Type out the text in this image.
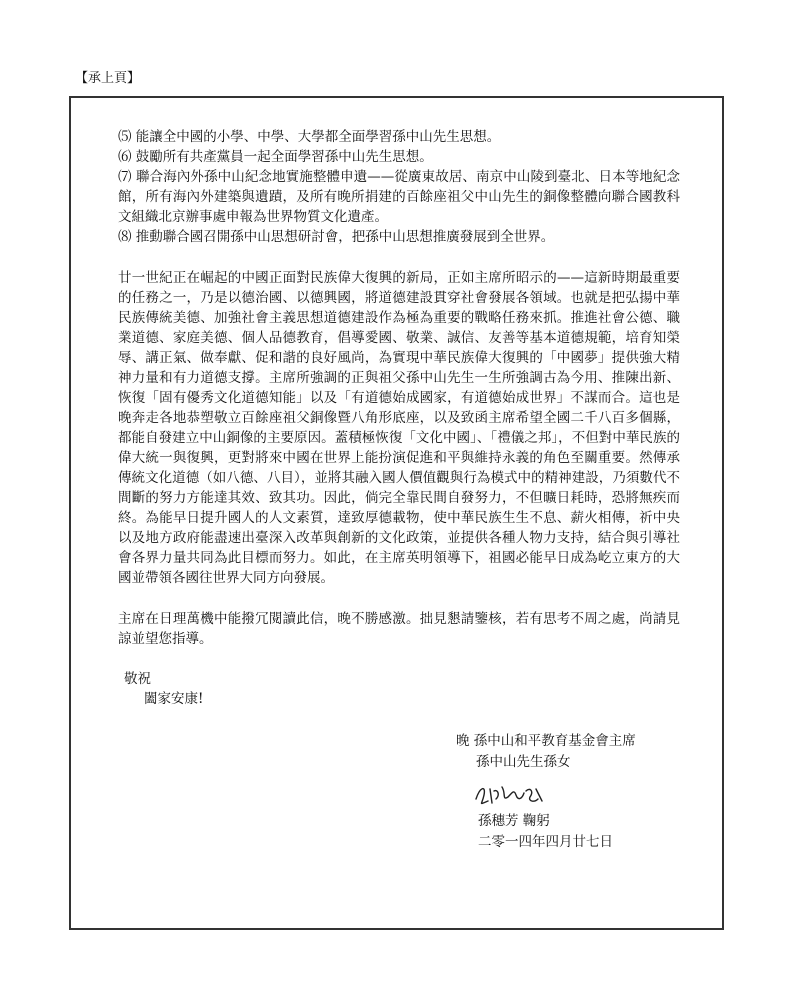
【承上頁】
⑸ 能讓全中國的小學、中學、大學都全面學習孫中山先生思想。
⑹ 鼓勵所有共產黨員一起全面學習孫中山先生思想。
⑺ 聯合海內外孫中山紀念地實施整體申遺——從廣東故居、南京中山陵到臺北、日本等地紀念館，所有海內外建築與遺蹟，及所有晚所捐建的百餘座祖父中山先生的銅像整體向聯合國教科文組織北京辦事處申報為世界物質文化遺產。
⑻ 推動聯合國召開孫中山思想研討會，把孫中山思想推廣發展到全世界。

廿一世紀正在崛起的中國正面對民族偉大復興的新局，正如主席所昭示的——這新時期最重要的任務之一，乃是以德治國、以德興國，將道德建設貫穿社會發展各領域。也就是把弘揚中華民族傳統美德、加強社會主義思想道德建設作為極為重要的戰略任務來抓。推進社會公德、職業道德、家庭美德、個人品德教育，倡導愛國、敬業、誠信、友善等基本道德規範，培育知榮辱、講正氣、做奉獻、促和諧的良好風尚，為實現中華民族偉大復興的「中國夢」提供強大精神力量和有力道德支撐。主席所強調的正與祖父孫中山先生一生所強調古為今用、推陳出新、恢復「固有優秀文化道德知能」以及「有道德始成國家，有道德始成世界」不謀而合。這也是晚奔走各地恭塑敬立百餘座祖父銅像暨八角形底座，以及致函主席希望全國二千八百多個縣，都能自發建立中山銅像的主要原因。蓋積極恢復「文化中國」、「禮儀之邦」，不但對中華民族的偉大統一與復興，更對將來中國在世界上能扮演促進和平與維持永義的角色至關重要。然傳承傳統文化道德（如八德、八目），並將其融入國人價值觀與行為模式中的精神建設，乃須數代不間斷的努力方能達其效、致其功。因此，倘完全靠民間自發努力，不但曠日耗時，恐將無疾而終。為能早日提升國人的人文素質，達致厚德載物，使中華民族生生不息、薪火相傳，祈中央以及地方政府能盡速出臺深入改革與創新的文化政策，並提供各種人物力支持，結合與引導社會各界力量共同為此目標而努力。如此，在主席英明領導下，祖國必能早日成為屹立東方的大國並帶領各國往世界大同方向發展。

主席在日理萬機中能撥冗閱讀此信，晚不勝感激。拙見懇請鑒核，若有思考不周之處，尚請見諒並望您指導。

敬祝
闔家安康!
晚 孫中山和平教育基金會主席
孫中山先生孫女
孫穗芳 鞠躬
二零一四年四月廿七日
